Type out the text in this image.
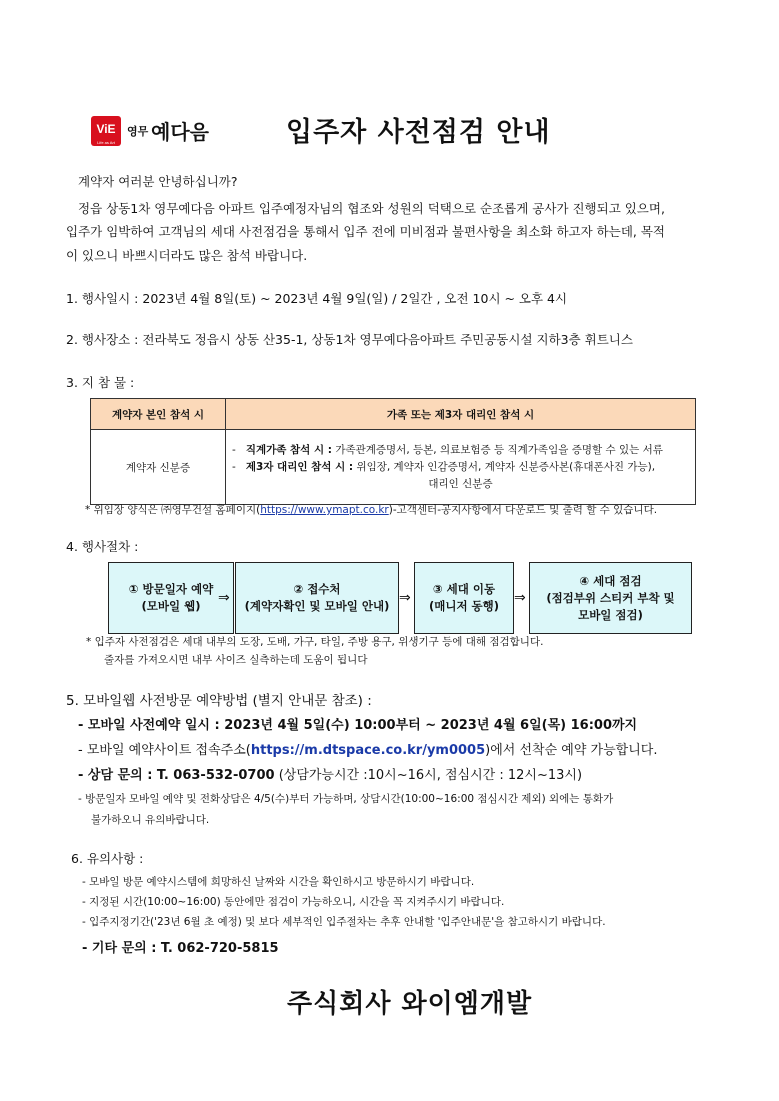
ViE
Life as Art
영무 예다음	입주자 사전점검 안내
계약자 여러분 안녕하십니까?
정읍 상동1차 영무예다음 아파트 입주예정자님의 협조와 성원의 덕택으로 순조롭게 공사가 진행되고 있으며,
입주가 임박하여 고객님의 세대 사전점검을 통해서 입주 전에 미비점과 불편사항을 최소화 하고자 하는데, 목적
이 있으니 바쁘시더라도 많은 참석 바랍니다.
1. 행사일시 : 2023년 4월 8일(토) ~ 2023년 4월 9일(일) / 2일간 , 오전 10시 ~ 오후 4시
2. 행사장소 : 전라북도 정읍시 상동 산35-1, 상동1차 영무예다음아파트 주민공동시설 지하3층 휘트니스
3. 지 참 물 :
계약자 본인 참석 시	가족 또는 제3자 대리인 참석 시
계약자 신분증	-   직계가족 참석 시 : 가족관계증명서, 등본, 의료보험증 등 직계가족임을 증명할 수 있는 서류
-   제3자 대리인 참석 시 : 위임장, 계약자 인감증명서, 계약자 신분증사본(휴대폰사진 가능),
대리인 신분증
* 위임장 양식은 ㈜영무건설 홈페이지(https://www.ymapt.co.kr)-고객센터-공지사항에서 다운로드 및 출력 할 수 있습니다.
4. 행사절차 :
① 방문일자 예약
(모바일 웹)	⇒
② 접수처
(계약자확인 및 모바일 안내) ⇒
③ 세대 이동
(매니저 동행)	⇒
④ 세대 점검
(점검부위 스티커 부착 및
모바일 점검)
* 입주자 사전점검은 세대 내부의 도장, 도배, 가구, 타일, 주방 용구, 위생기구 등에 대해 점검합니다.
줄자를 가져오시면 내부 사이즈 실측하는데 도움이 됩니다
5. 모바일웹 사전방문 예약방법 (별지 안내문 참조) :
- 모바일 사전예약 일시 : 2023년 4월 5일(수) 10:00부터 ~ 2023년 4월 6일(목) 16:00까지
- 모바일 예약사이트 접속주소(https://m.dtspace.co.kr/ym0005)에서 선착순 예약 가능합니다.
- 상담 문의 : T. 063-532-0700 (상담가능시간 :10시~16시, 점심시간 : 12시~13시)
- 방문일자 모바일 예약 및 전화상담은 4/5(수)부터 가능하며, 상담시간(10:00~16:00 점심시간 제외) 외에는 통화가
불가하오니 유의바랍니다.
6. 유의사항 :
- 모바일 방문 예약시스템에 희망하신 날짜와 시간을 확인하시고 방문하시기 바랍니다.
- 지정된 시간(10:00~16:00) 동안에만 점검이 가능하오니, 시간을 꼭 지켜주시기 바랍니다.
- 입주지정기간('23년 6월 초 예정) 및 보다 세부적인 입주절차는 추후 안내할 '입주안내문'을 참고하시기 바랍니다.
- 기타 문의 : T. 062-720-5815
주식회사 와이엠개발
